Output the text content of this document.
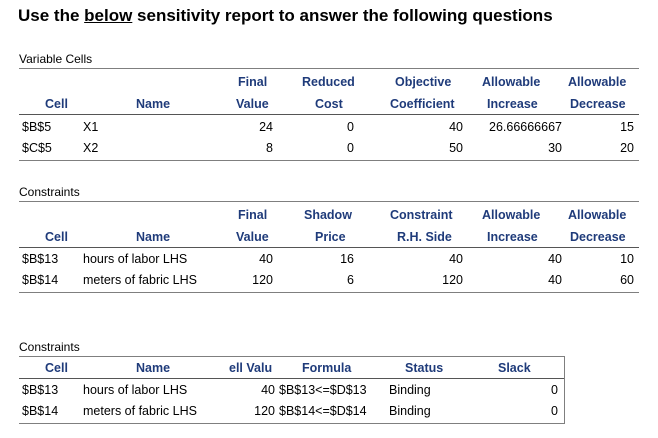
Use the below sensitivity report to answer the following questions
Variable Cells
Final	Reduced	Objective Allowable Allowable
Cell	Name	Value	Cost	Coefficient	Increase	Decrease
$B$5	X1	24	0	40	26.66666667	15
$C$5 X2	8	0	50	30	20
Constraints
Final	Shadow	Constraint Allowable Allowable
Cell	Name	Value	Price	R.H. Side	Increase	Decrease
$B$13 hours of labor LHS	40	16	40	40	10
$B$14 meters of fabric LHS	120	6	120	40	60
Constraints
Cell	Name	ell Valu	Formula	Status	Slack
$B$13 hours of labor LHS	40 $B$13<=$D$13 Binding	0
$B$14 meters of fabric LHS	120 $B$14<=$D$14 Binding	0
